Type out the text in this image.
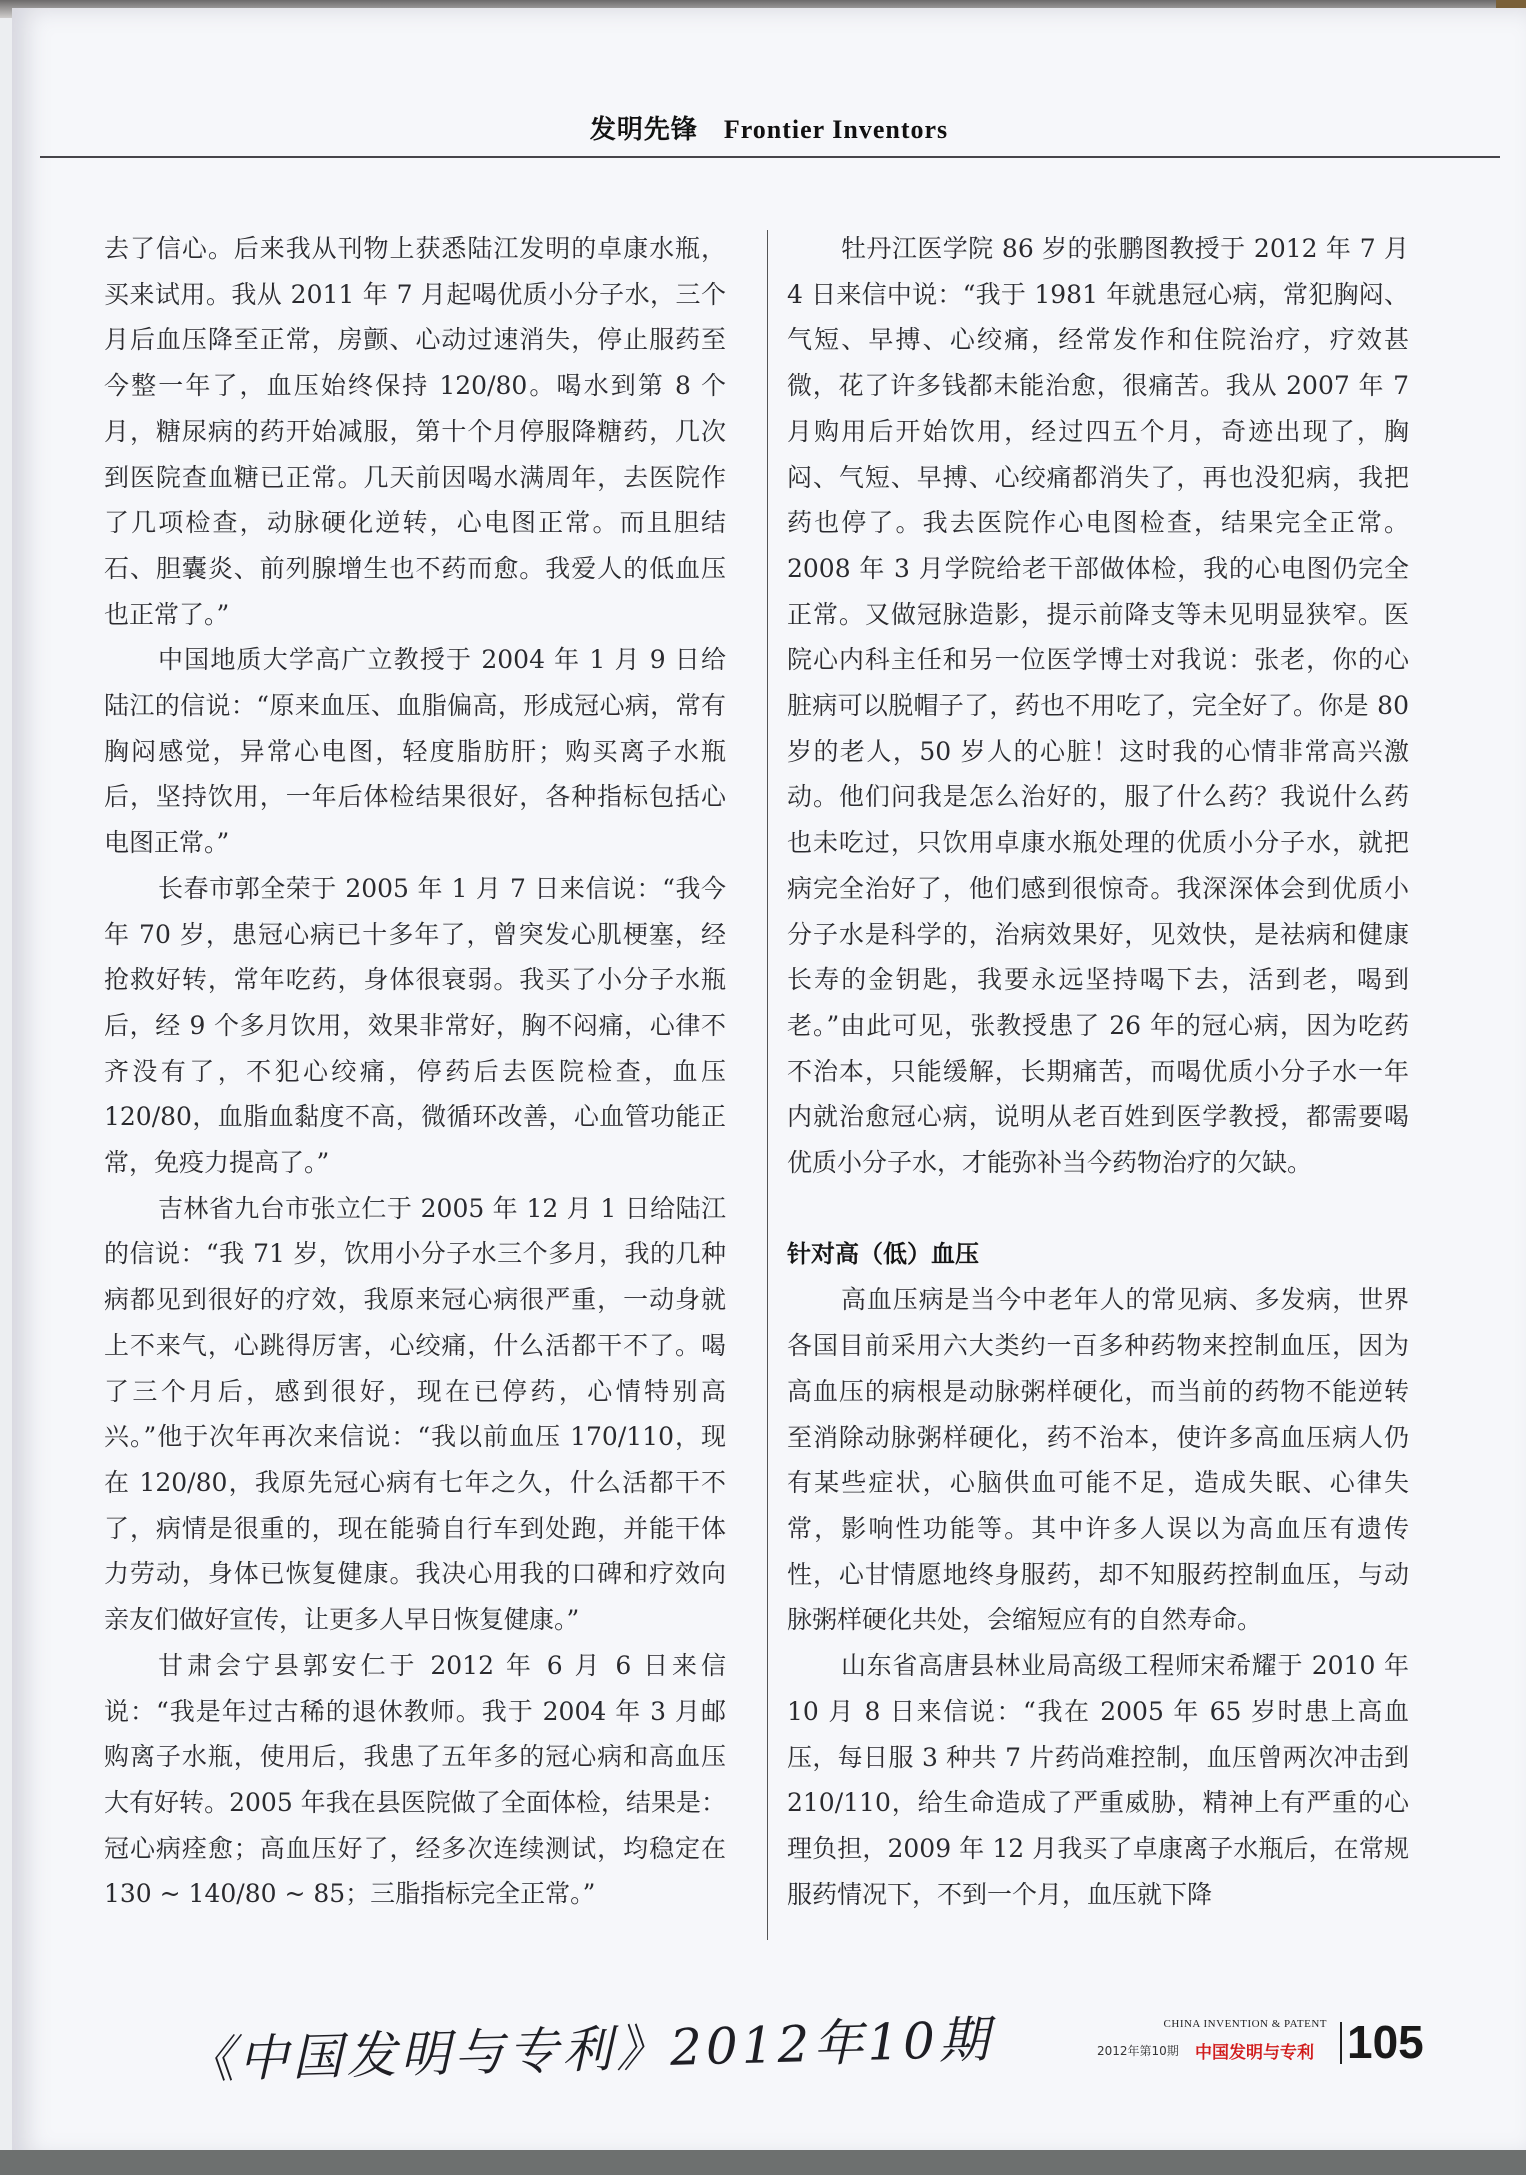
发明先锋 Frontier Inventors

去了信心。后来我从刊物上获悉陆江发明的卓康水瓶，买来试用。我从 2011 年 7 月起喝优质小分子水，三个月后血压降至正常，房颤、心动过速消失，停止服药至今整一年了，血压始终保持 120/80。喝水到第 8 个月，糖尿病的药开始减服，第十个月停服降糖药，几次到医院查血糖已正常。几天前因喝水满周年，去医院作了几项检查，动脉硬化逆转，心电图正常。而且胆结石、胆囊炎、前列腺增生也不药而愈。我爱人的低血压也正常了。”

中国地质大学高广立教授于 2004 年 1 月 9 日给陆江的信说：“原来血压、血脂偏高，形成冠心病，常有胸闷感觉，异常心电图，轻度脂肪肝；购买离子水瓶后，坚持饮用，一年后体检结果很好，各种指标包括心电图正常。”

长春市郭全荣于 2005 年 1 月 7 日来信说：“我今年 70 岁，患冠心病已十多年了，曾突发心肌梗塞，经抢救好转，常年吃药，身体很衰弱。我买了小分子水瓶后，经 9 个多月饮用，效果非常好，胸不闷痛，心律不齐没有了，不犯心绞痛，停药后去医院检查，血压 120/80，血脂血黏度不高，微循环改善，心血管功能正常，免疫力提高了。”

吉林省九台市张立仁于 2005 年 12 月 1 日给陆江的信说：“我 71 岁，饮用小分子水三个多月，我的几种病都见到很好的疗效，我原来冠心病很严重，一动身就上不来气，心跳得厉害，心绞痛，什么活都干不了。喝了三个月后，感到很好，现在已停药，心情特别高兴。”他于次年再次来信说：“我以前血压 170/110，现在 120/80，我原先冠心病有七年之久，什么活都干不了，病情是很重的，现在能骑自行车到处跑，并能干体力劳动，身体已恢复健康。我决心用我的口碑和疗效向亲友们做好宣传，让更多人早日恢复健康。”

甘肃会宁县郭安仁于 2012 年 6 月 6 日来信说：“我是年过古稀的退休教师。我于 2004 年 3 月邮购离子水瓶，使用后，我患了五年多的冠心病和高血压大有好转。2005 年我在县医院做了全面体检，结果是：冠心病痊愈；高血压好了，经多次连续测试，均稳定在 130 ~ 140/80 ~ 85；三脂指标完全正常。”

牡丹江医学院 86 岁的张鹏图教授于 2012 年 7 月 4 日来信中说：“我于 1981 年就患冠心病，常犯胸闷、气短、早搏、心绞痛，经常发作和住院治疗，疗效甚微，花了许多钱都未能治愈，很痛苦。我从 2007 年 7 月购用后开始饮用，经过四五个月，奇迹出现了，胸闷、气短、早搏、心绞痛都消失了，再也没犯病，我把药也停了。我去医院作心电图检查，结果完全正常。2008 年 3 月学院给老干部做体检，我的心电图仍完全正常。又做冠脉造影，提示前降支等未见明显狭窄。医院心内科主任和另一位医学博士对我说：张老，你的心脏病可以脱帽子了，药也不用吃了，完全好了。你是 80 岁的老人，50 岁人的心脏！这时我的心情非常高兴激动。他们问我是怎么治好的，服了什么药？我说什么药也未吃过，只饮用卓康水瓶处理的优质小分子水，就把病完全治好了，他们感到很惊奇。我深深体会到优质小分子水是科学的，治病效果好，见效快，是祛病和健康长寿的金钥匙，我要永远坚持喝下去，活到老，喝到老。”由此可见，张教授患了 26 年的冠心病，因为吃药不治本，只能缓解，长期痛苦，而喝优质小分子水一年内就治愈冠心病，说明从老百姓到医学教授，都需要喝优质小分子水，才能弥补当今药物治疗的欠缺。

针对高（低）血压

高血压病是当今中老年人的常见病、多发病，世界各国目前采用六大类约一百多种药物来控制血压，因为高血压的病根是动脉粥样硬化，而当前的药物不能逆转至消除动脉粥样硬化，药不治本，使许多高血压病人仍有某些症状，心脑供血可能不足，造成失眠、心律失常，影响性功能等。其中许多人误以为高血压有遗传性，心甘情愿地终身服药，却不知服药控制血压，与动脉粥样硬化共处，会缩短应有的自然寿命。

山东省高唐县林业局高级工程师宋希耀于 2010 年 10 月 8 日来信说：“我在 2005 年 65 岁时患上高血压，每日服 3 种共 7 片药尚难控制，血压曾两次冲击到 210/110，给生命造成了严重威胁，精神上有严重的心理负担，2009 年 12 月我买了卓康离子水瓶后，在常规服药情况下，不到一个月，血压就下降

《中国发明与专利》2012年10期	CHINA INVENTION & PATENT
2012年第10期 中国发明与专利 105
